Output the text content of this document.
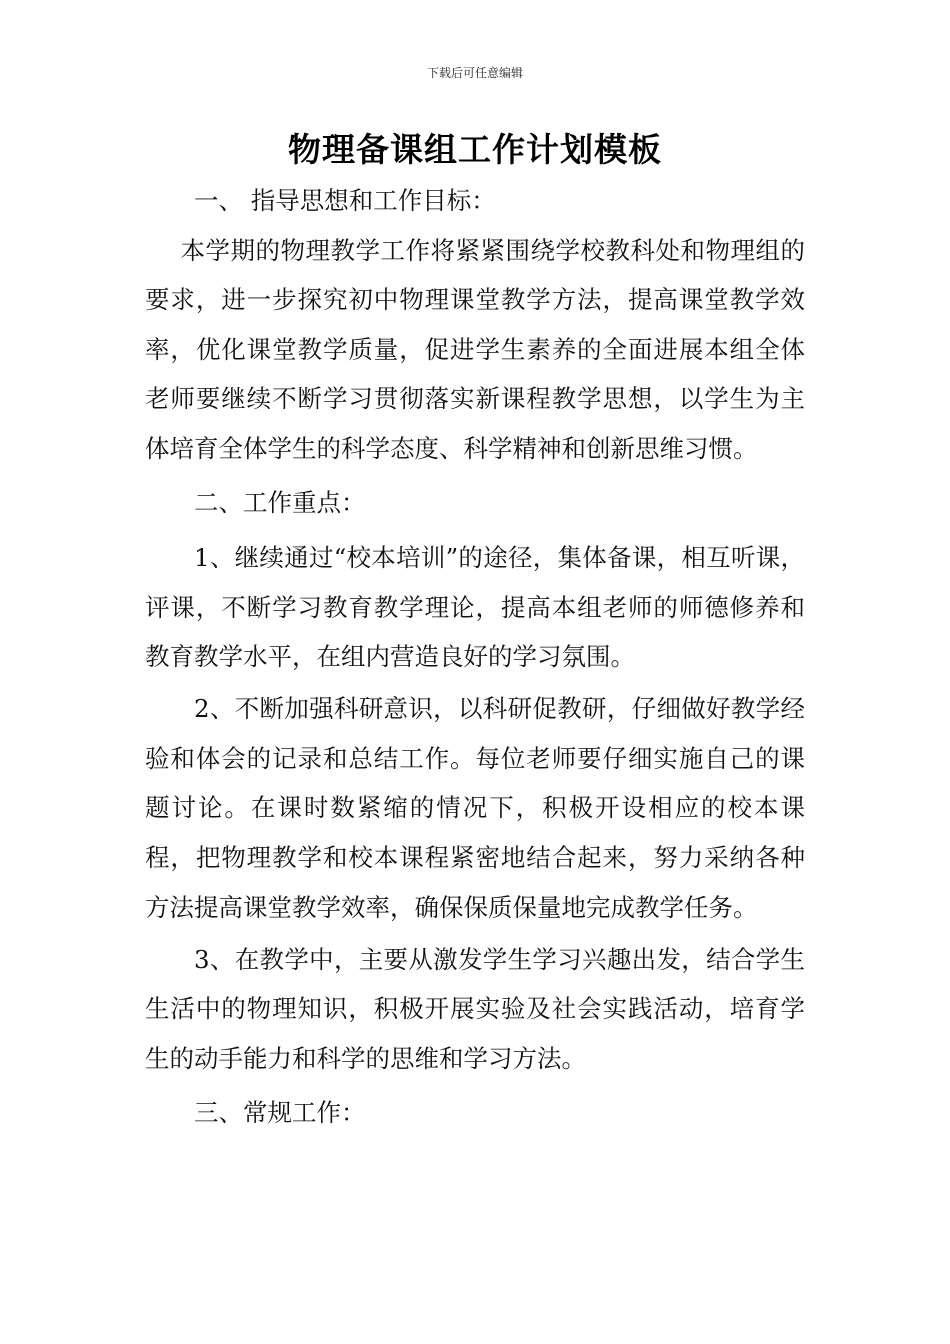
下载后可任意编辑
物理备课组工作计划模板

一、 指导思想和工作目标：

本学期的物理教学工作将紧紧围绕学校教科处和物理组的要求，进一步探究初中物理课堂教学方法，提高课堂教学效率，优化课堂教学质量，促进学生素养的全面进展本组全体老师要继续不断学习贯彻落实新课程教学思想，以学生为主体培育全体学生的科学态度、科学精神和创新思维习惯。

二、工作重点：

1、继续通过“校本培训”的途径，集体备课，相互听课，评课，不断学习教育教学理论，提高本组老师的师德修养和教育教学水平，在组内营造良好的学习氛围。

2、不断加强科研意识，以科研促教研，仔细做好教学经验和体会的记录和总结工作。每位老师要仔细实施自己的课题讨论。在课时数紧缩的情况下，积极开设相应的校本课程，把物理教学和校本课程紧密地结合起来，努力采纳各种方法提高课堂教学效率，确保保质保量地完成教学任务。

3、在教学中，主要从激发学生学习兴趣出发，结合学生生活中的物理知识，积极开展实验及社会实践活动，培育学生的动手能力和科学的思维和学习方法。

三、常规工作：
